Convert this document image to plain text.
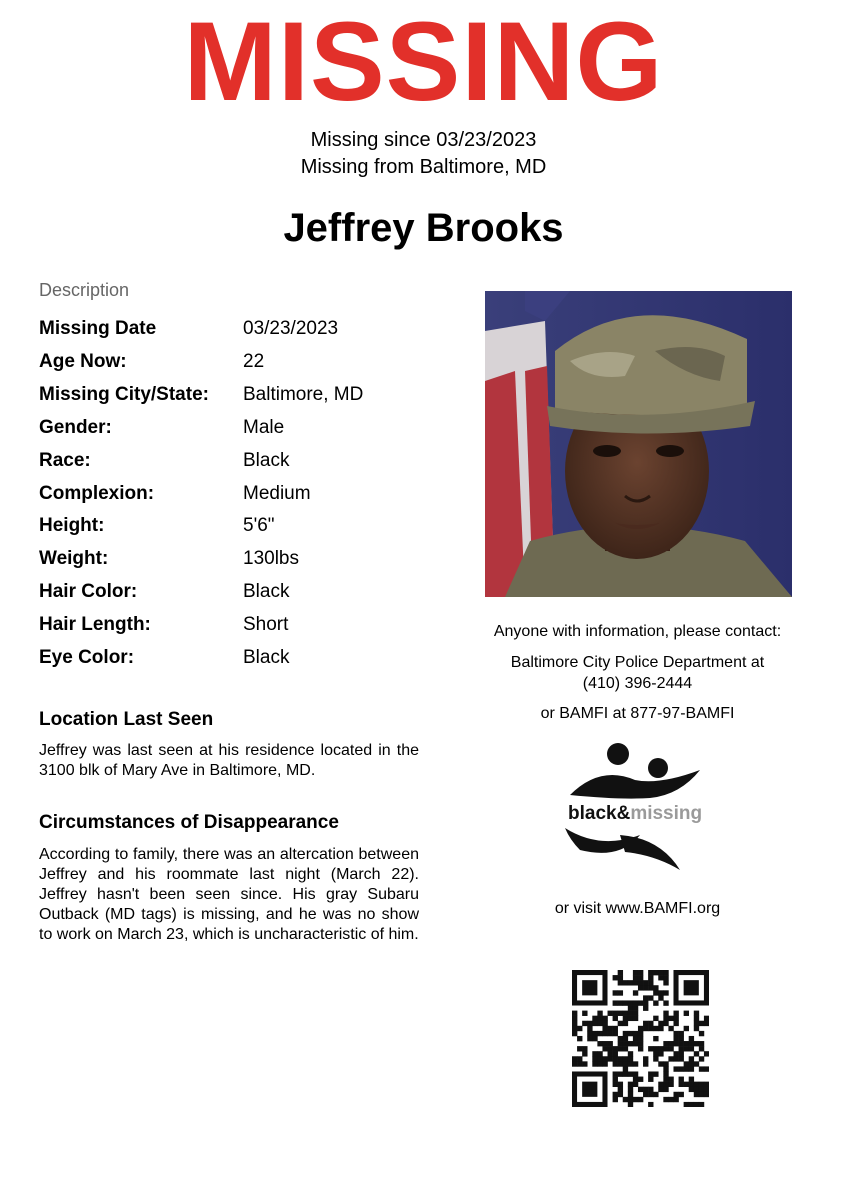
MISSING
Missing since 03/23/2023
Missing from Baltimore, MD
Jeffrey Brooks
Description
Missing Date	03/23/2023
Age Now:	22
Missing City/State: Baltimore, MD
Gender:	Male
Race:	Black
Complexion:	Medium
Height:	5'6"
Weight:	130lbs
Hair Color:	Black
Hair Length:	Short
Eye Color:	Black
Location Last Seen
Jeffrey was last seen at his residence located in the 3100 blk of Mary Ave in Baltimore, MD.
Circumstances of Disappearance
According to family, there was an altercation between Jeffrey and his roommate last night (March 22). Jeffrey hasn't been seen since. His gray Subaru Outback (MD tags) is missing, and he was no show to work on March 23, which is uncharacteristic of him.
Anyone with information, please contact:
Baltimore City Police Department at
(410) 396-2444
or BAMFI at 877-97-BAMFI
black&missing
or visit www.BAMFI.org
